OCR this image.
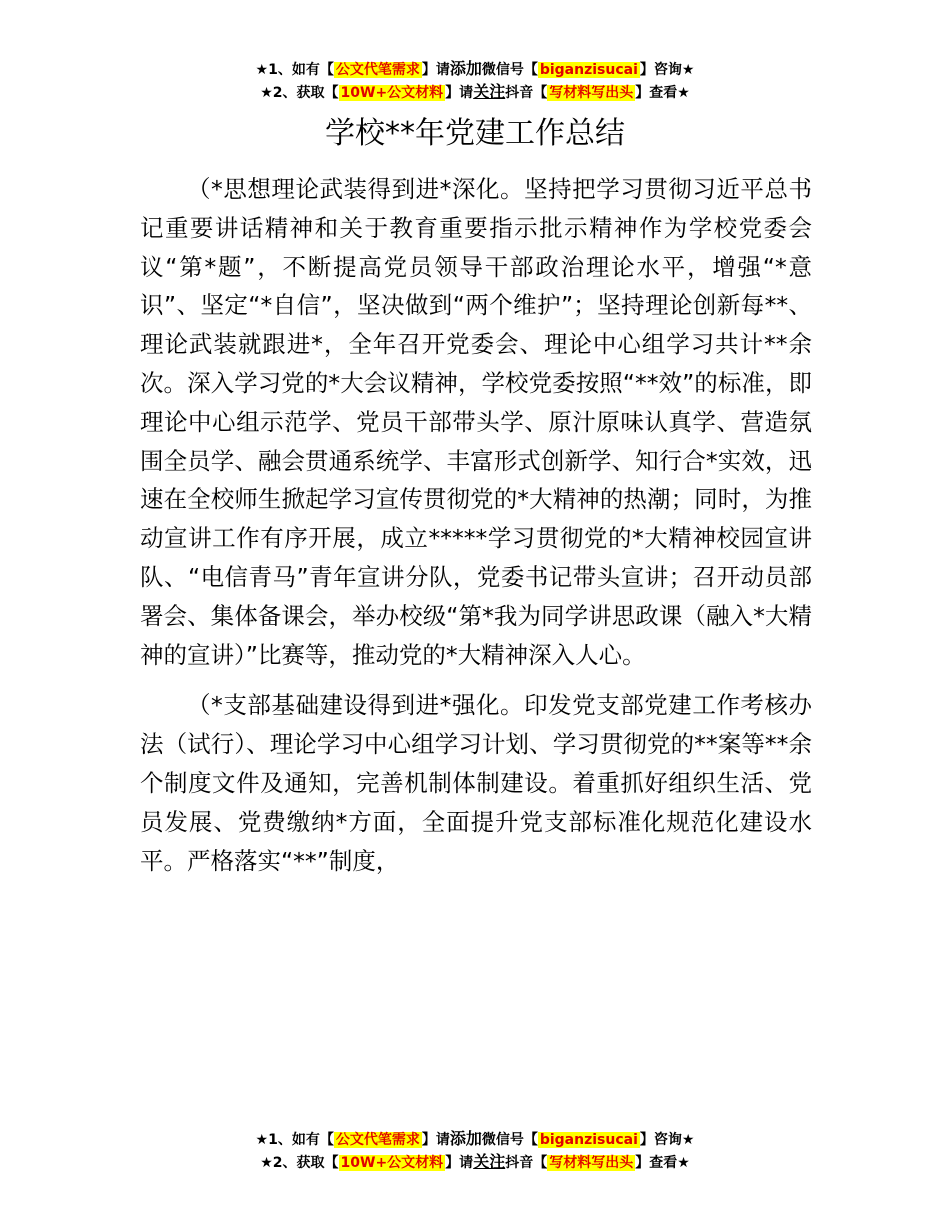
★1、如有【 公文代笔需求 】请添加微信号【 biganzisucai 】咨询★
★2、获取【 10W+公文材料 】请关注抖音【 写材料写出头 】查看★
学校**年党建工作总结

（*思想理论武装得到进*深化。坚持把学习贯彻习近平总书记重要讲话精神和关于教育重要指示批示精神作为学校党委会议“第*题”，不断提高党员领导干部政治理论水平，增强“*意识”、坚定“*自信”，坚决做到“两个维护”；坚持理论创新每**、理论武装就跟进*，全年召开党委会、理论中心组学习共计**余次。深入学习党的*大会议精神，学校党委按照“**效”的标准，即理论中心组示范学、党员干部带头学、原汁原味认真学、营造氛围全员学、融会贯通系统学、丰富形式创新学、知行合*实效，迅速在全校师生掀起学习宣传贯彻党的*大精神的热潮；同时，为推动宣讲工作有序开展，成立*****学习贯彻党的*大精神校园宣讲队、“电信青马”青年宣讲分队，党委书记带头宣讲；召开动员部署会、集体备课会，举办校级“第*我为同学讲思政课（融入*大精神的宣讲）”比赛等，推动党的*大精神深入人心。

（*支部基础建设得到进*强化。印发党支部党建工作考核办法（试行）、理论学习中心组学习计划、学习贯彻党的**案等**余个制度文件及通知，完善机制体制建设。着重抓好组织生活、党员发展、党费缴纳*方面，全面提升党支部标准化规范化建设水平。严格落实“**”制度，

★1、如有【 公文代笔需求 】请添加微信号【 biganzisucai 】咨询★
★2、获取【 10W+公文材料 】请关注抖音【 写材料写出头 】查看★
